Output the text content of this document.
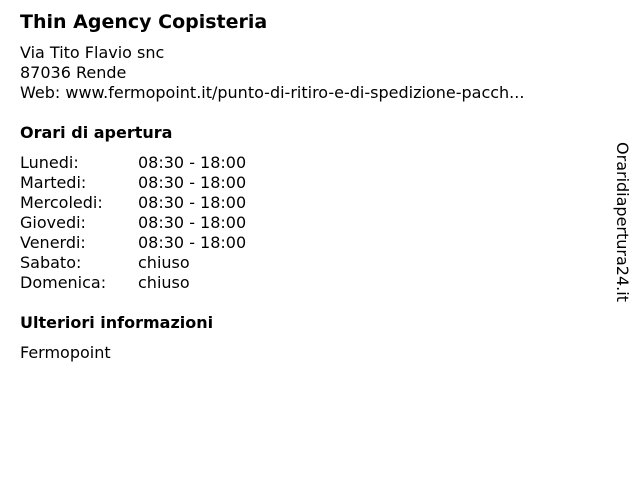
Thin Agency Copisteria
Via Tito Flavio snc
87036 Rende
Web: www.fermopoint.it/punto-di-ritiro-e-di-spedizione-pacch...
Orari di apertura
Lunedi:	08:30 - 18:00
Martedi:	08:30 - 18:00
Mercoledi:	08:30 - 18:00
Giovedi:	08:30 - 18:00
Venerdi:	08:30 - 18:00
Sabato:	chiuso
Domenica:	chiuso
Ulteriori informazioni
Fermopoint
Oraridiapertura24.it
